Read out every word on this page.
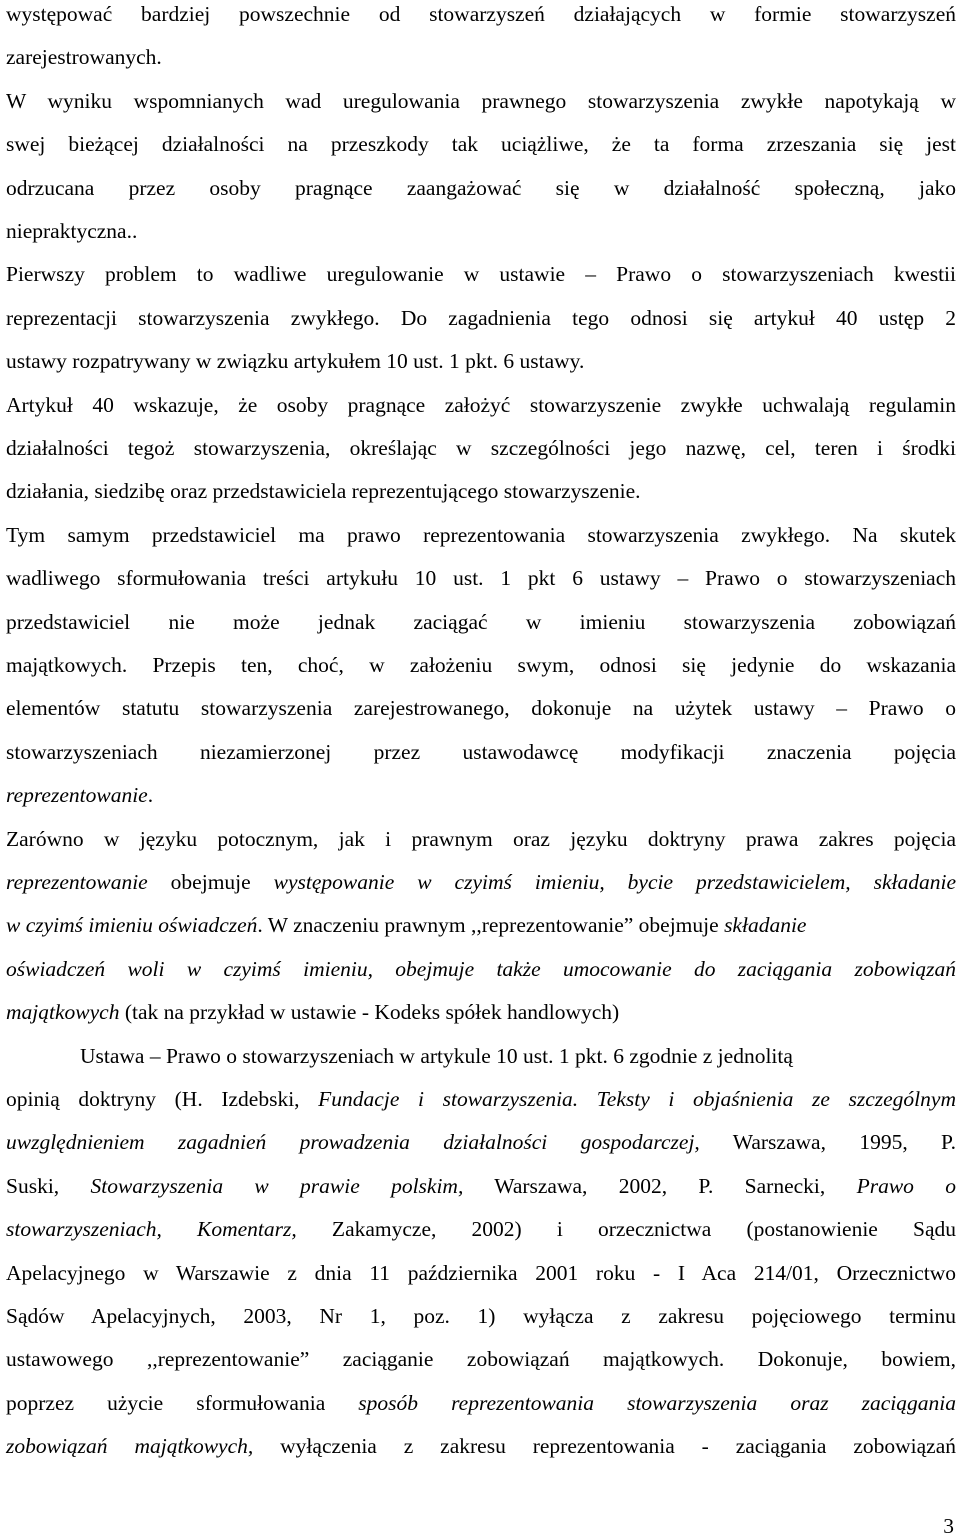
występować bardziej powszechnie od stowarzyszeń działających w formie stowarzyszeń
zarejestrowanych.
W wyniku wspomnianych wad uregulowania prawnego stowarzyszenia zwykłe napotykają w
swej bieżącej działalności na przeszkody tak uciążliwe, że ta forma zrzeszania się jest
odrzucana przez osoby pragnące zaangażować się w działalność społeczną, jako
niepraktyczna..
Pierwszy problem to wadliwe uregulowanie w ustawie – Prawo o stowarzyszeniach kwestii
reprezentacji stowarzyszenia zwykłego. Do zagadnienia tego odnosi się artykuł 40 ustęp 2
ustawy rozpatrywany w związku artykułem 10 ust. 1 pkt. 6 ustawy.
Artykuł 40 wskazuje, że osoby pragnące założyć stowarzyszenie zwykłe uchwalają regulamin
działalności tegoż stowarzyszenia, określając w szczególności jego nazwę, cel, teren i środki
działania, siedzibę oraz przedstawiciela reprezentującego stowarzyszenie.
Tym samym przedstawiciel ma prawo reprezentowania stowarzyszenia zwykłego. Na skutek
wadliwego sformułowania treści artykułu 10 ust. 1 pkt 6 ustawy – Prawo o stowarzyszeniach
przedstawiciel nie może jednak zaciągać w imieniu stowarzyszenia zobowiązań
majątkowych. Przepis ten, choć, w założeniu swym, odnosi się jedynie do wskazania
elementów statutu stowarzyszenia zarejestrowanego, dokonuje na użytek ustawy – Prawo o
stowarzyszeniach niezamierzonej przez ustawodawcę modyfikacji znaczenia pojęcia
reprezentowanie.
Zarówno w języku potocznym, jak i prawnym oraz języku doktryny prawa zakres pojęcia
reprezentowanie obejmuje występowanie w czyimś imieniu, bycie przedstawicielem, składanie
w czyimś imieniu oświadczeń. W znaczeniu prawnym ,,reprezentowanie” obejmuje składanie
oświadczeń woli w czyimś imieniu, obejmuje także umocowanie do zaciągania zobowiązań
majątkowych (tak na przykład w ustawie - Kodeks spółek handlowych)
Ustawa – Prawo o stowarzyszeniach w artykule 10 ust. 1 pkt. 6 zgodnie z jednolitą
opinią doktryny (H. Izdebski, Fundacje i stowarzyszenia. Teksty i objaśnienia ze szczególnym
uwzględnieniem zagadnień prowadzenia działalności gospodarczej, Warszawa, 1995, P.
Suski, Stowarzyszenia w prawie polskim, Warszawa, 2002, P. Sarnecki, Prawo o
stowarzyszeniach, Komentarz, Zakamycze, 2002) i orzecznictwa (postanowienie Sądu
Apelacyjnego w Warszawie z dnia 11 października 2001 roku - I Aca 214/01, Orzecznictwo
Sądów Apelacyjnych, 2003, Nr 1, poz. 1) wyłącza z zakresu pojęciowego terminu
ustawowego ,,reprezentowanie” zaciąganie zobowiązań majątkowych. Dokonuje, bowiem,
poprzez użycie sformułowania sposób reprezentowania stowarzyszenia oraz zaciągania
zobowiązań majątkowych, wyłączenia z zakresu reprezentowania - zaciągania zobowiązań
3
